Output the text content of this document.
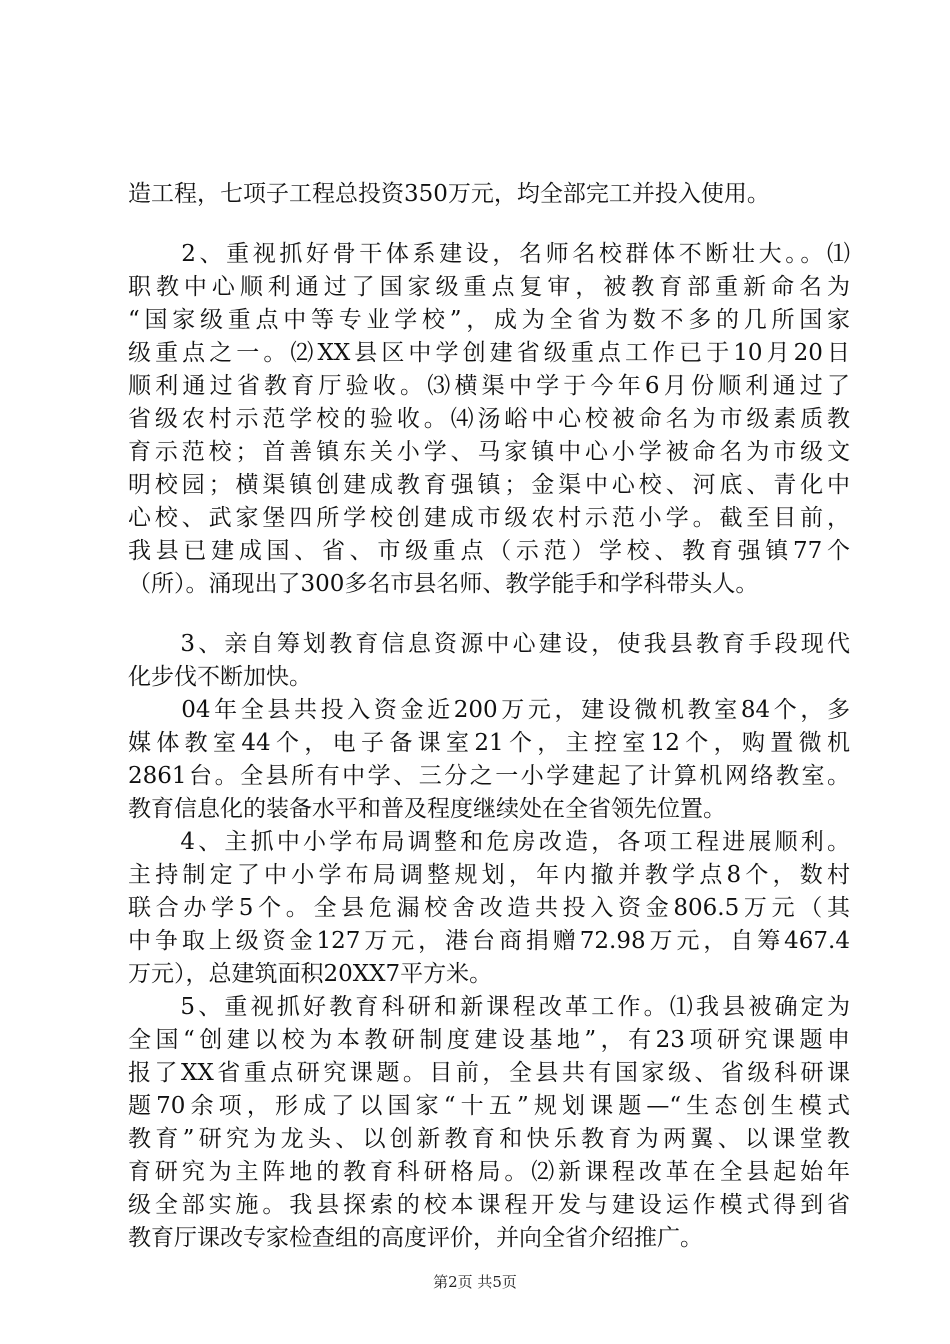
造工程，七项子工程总投资350万元，均全部完工并投入使用。
　　2、重视抓好骨干体系建设，名师名校群体不断壮大。。⑴
职教中心顺利通过了国家级重点复审，被教育部重新命名为
“国家级重点中等专业学校”，成为全省为数不多的几所国家
级重点之一。⑵XX县区中学创建省级重点工作已于10月20日
顺利通过省教育厅验收。⑶横渠中学于今年6月份顺利通过了
省级农村示范学校的验收。⑷汤峪中心校被命名为市级素质教
育示范校；首善镇东关小学、马家镇中心小学被命名为市级文
明校园；横渠镇创建成教育强镇；金渠中心校、河底、青化中
心校、武家堡四所学校创建成市级农村示范小学。截至目前，
我县已建成国、省、市级重点（示范）学校、教育强镇77个
（所）。涌现出了300多名市县名师、教学能手和学科带头人。
　　3、亲自筹划教育信息资源中心建设，使我县教育手段现代
化步伐不断加快。
　　04年全县共投入资金近200万元，建设微机教室84个，多
媒体教室44个，电子备课室21个，主控室12个，购置微机
2861台。全县所有中学、三分之一小学建起了计算机网络教室。
教育信息化的装备水平和普及程度继续处在全省领先位置。
　　4、主抓中小学布局调整和危房改造，各项工程进展顺利。
主持制定了中小学布局调整规划，年内撤并教学点8个，数村
联合办学5个。全县危漏校舍改造共投入资金806.5万元（其
中争取上级资金127万元，港台商捐赠72.98万元，自筹467.4
万元），总建筑面积20XX7平方米。
　　5、重视抓好教育科研和新课程改革工作。⑴我县被确定为
全国“创建以校为本教研制度建设基地”，有23项研究课题申
报了XX省重点研究课题。目前，全县共有国家级、省级科研课
题70余项，形成了以国家“十五”规划课题—“生态创生模式
教育”研究为龙头、以创新教育和快乐教育为两翼、以课堂教
育研究为主阵地的教育科研格局。⑵新课程改革在全县起始年
级全部实施。我县探索的校本课程开发与建设运作模式得到省
教育厅课改专家检查组的高度评价，并向全省介绍推广。
第2页 共5页
